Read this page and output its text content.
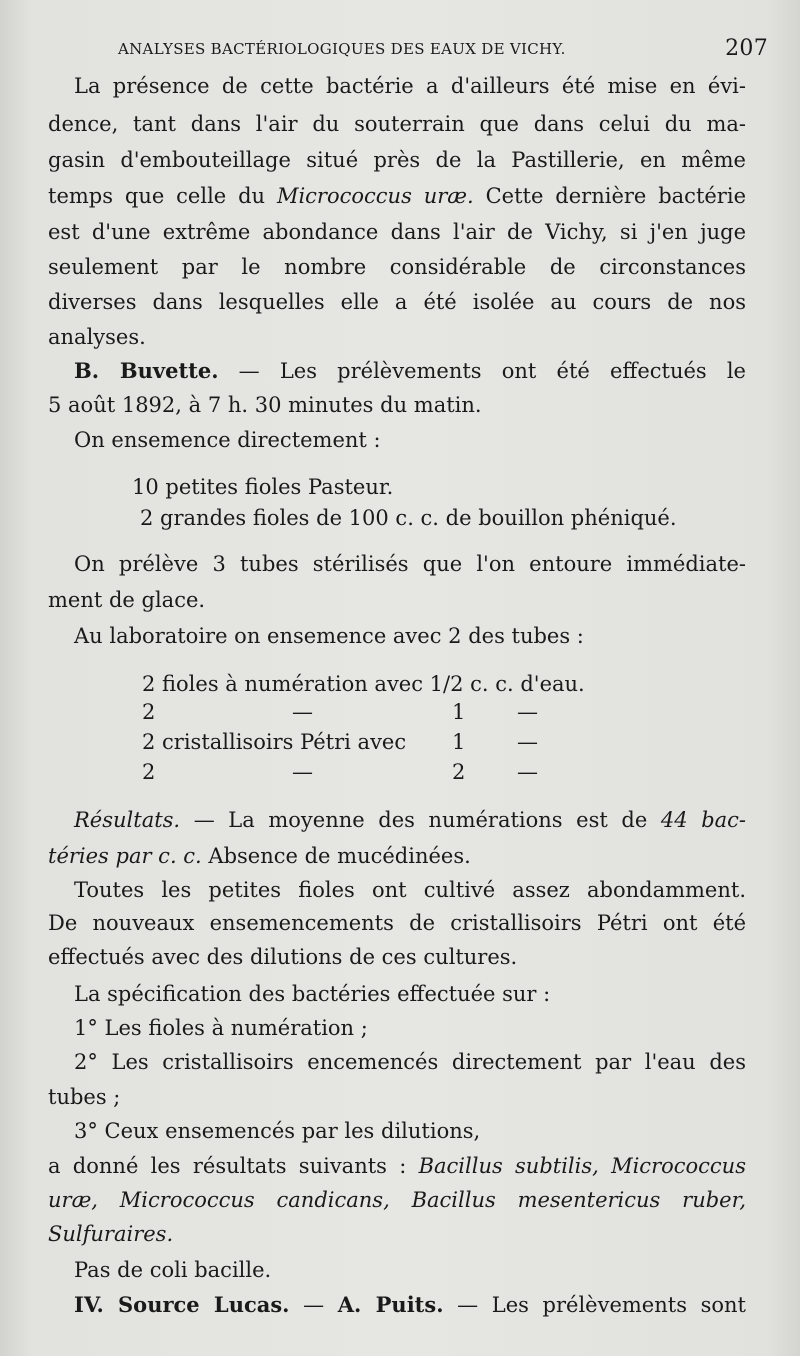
ANALYSES BACTÉRIOLOGIQUES DES EAUX DE VICHY.	207
La présence de cette bactérie a d'ailleurs été mise en évi-
dence, tant dans l'air du souterrain que dans celui du ma-
gasin d'embouteillage situé près de la Pastillerie, en même
temps que celle du Micrococcus uræ. Cette dernière bactérie
est d'une extrême abondance dans l'air de Vichy, si j'en juge
seulement par le nombre considérable de circonstances
diverses dans lesquelles elle a été isolée au cours de nos
analyses.
B. Buvette. — Les prélèvements ont été effectués le
5 août 1892, à 7 h. 30 minutes du matin.
On ensemence directement :
10 petites fioles Pasteur.
2 grandes fioles de 100 c. c. de bouillon phéniqué.
On prélève 3 tubes stérilisés que l'on entoure immédiate-
ment de glace.
Au laboratoire on ensemence avec 2 des tubes :
2 fioles à numération avec 1/2 c. c. d'eau.
2	—	1 —
2 cristallisoirs Pétri avec 1 —
2	—	2 —
Résultats. — La moyenne des numérations est de 44 bac-
téries par c. c. Absence de mucédinées.
Toutes les petites fioles ont cultivé assez abondamment.
De nouveaux ensemencements de cristallisoirs Pétri ont été
effectués avec des dilutions de ces cultures.
La spécification des bactéries effectuée sur :
1° Les fioles à numération ;
2° Les cristallisoirs encemencés directement par l'eau des
tubes ;
3° Ceux ensemencés par les dilutions,
a donné les résultats suivants : Bacillus subtilis, Micrococcus
uræ, Micrococcus candicans, Bacillus mesentericus ruber,
Sulfuraires.
Pas de coli bacille.
IV. Source Lucas. — A. Puits. — Les prélèvements sont
